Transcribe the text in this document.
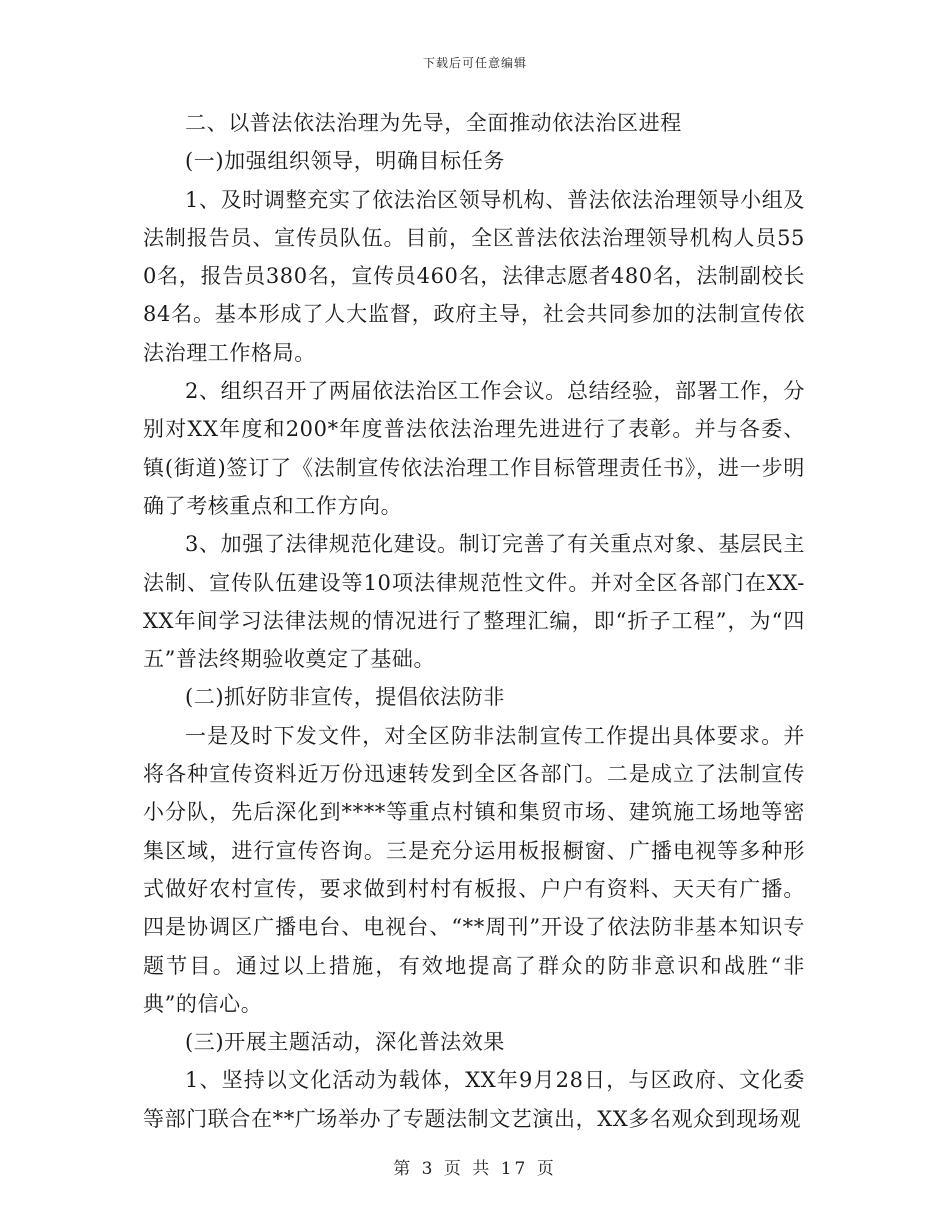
下载后可任意编辑

二、以普法依法治理为先导，全面推动依法治区进程

(一)加强组织领导，明确目标任务

1、及时调整充实了依法治区领导机构、普法依法治理领导小组及法制报告员、宣传员队伍。目前，全区普法依法治理领导机构人员550名，报告员380名，宣传员460名，法律志愿者480名，法制副校长84名。基本形成了人大监督，政府主导，社会共同参加的法制宣传依法治理工作格局。

2、组织召开了两届依法治区工作会议。总结经验，部署工作，分别对XX年度和200*年度普法依法治理先进进行了表彰。并与各委、镇(街道)签订了《法制宣传依法治理工作目标管理责任书》，进一步明确了考核重点和工作方向。

3、加强了法律规范化建设。制订完善了有关重点对象、基层民主法制、宣传队伍建设等10项法律规范性文件。并对全区各部门在XX-XX年间学习法律法规的情况进行了整理汇编，即“折子工程”，为“四五”普法终期验收奠定了基础。

(二)抓好防非宣传，提倡依法防非

一是及时下发文件，对全区防非法制宣传工作提出具体要求。并将各种宣传资料近万份迅速转发到全区各部门。二是成立了法制宣传小分队，先后深化到****等重点村镇和集贸市场、建筑施工场地等密集区域，进行宣传咨询。三是充分运用板报橱窗、广播电视等多种形式做好农村宣传，要求做到村村有板报、户户有资料、天天有广播。四是协调区广播电台、电视台、“**周刊”开设了依法防非基本知识专题节目。通过以上措施，有效地提高了群众的防非意识和战胜“非典”的信心。

(三)开展主题活动，深化普法效果

1、坚持以文化活动为载体，XX年9月28日，与区政府、文化委等部门联合在**广场举办了专题法制文艺演出，XX多名观众到现场观

第 3 页 共 17 页
